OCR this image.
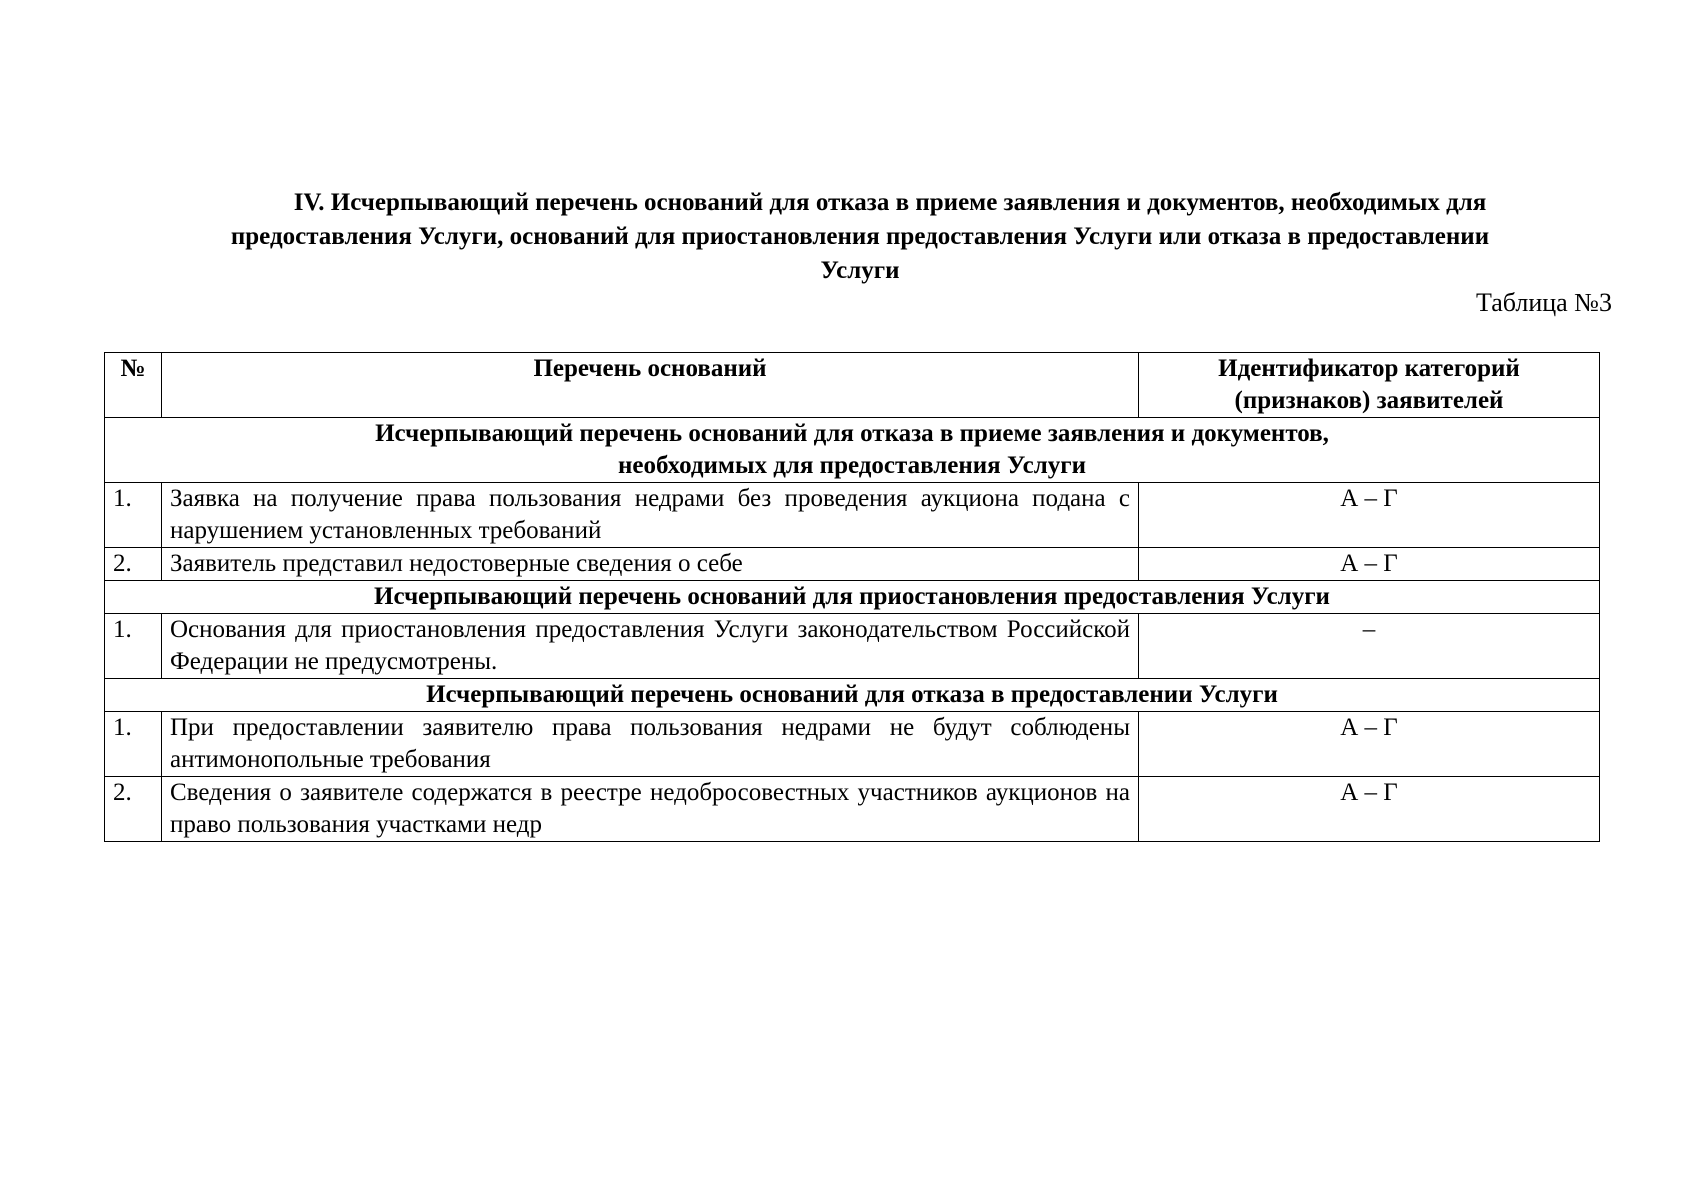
IV. Исчерпывающий перечень оснований для отказа в приеме заявления и документов, необходимых для
предоставления Услуги, оснований для приостановления предоставления Услуги или отказа в предоставлении
Услуги
Таблица №3
№	Перечень оснований	Идентификатор категорий
(признаков) заявителей

Исчерпывающий перечень оснований для отказа в приеме заявления и документов,
необходимых для предоставления Услуги		

1.	Заявка на получение права пользования недрами без проведения аукциона подана с нарушением установленных требований	А – Г
2.	Заявитель представил недостоверные сведения о себе	А – Г

Исчерпывающий перечень оснований для приостановления предоставления Услуги		

1.	Основания для приостановления предоставления Услуги законодательством Российской Федерации не предусмотрены.	–

Исчерпывающий перечень оснований для отказа в предоставлении Услуги		

1.	При предоставлении заявителю права пользования недрами не будут соблюдены антимонопольные требования	А – Г
2.	Сведения о заявителе содержатся в реестре недобросовестных участников аукционов на право пользования участками недр	А – Г
